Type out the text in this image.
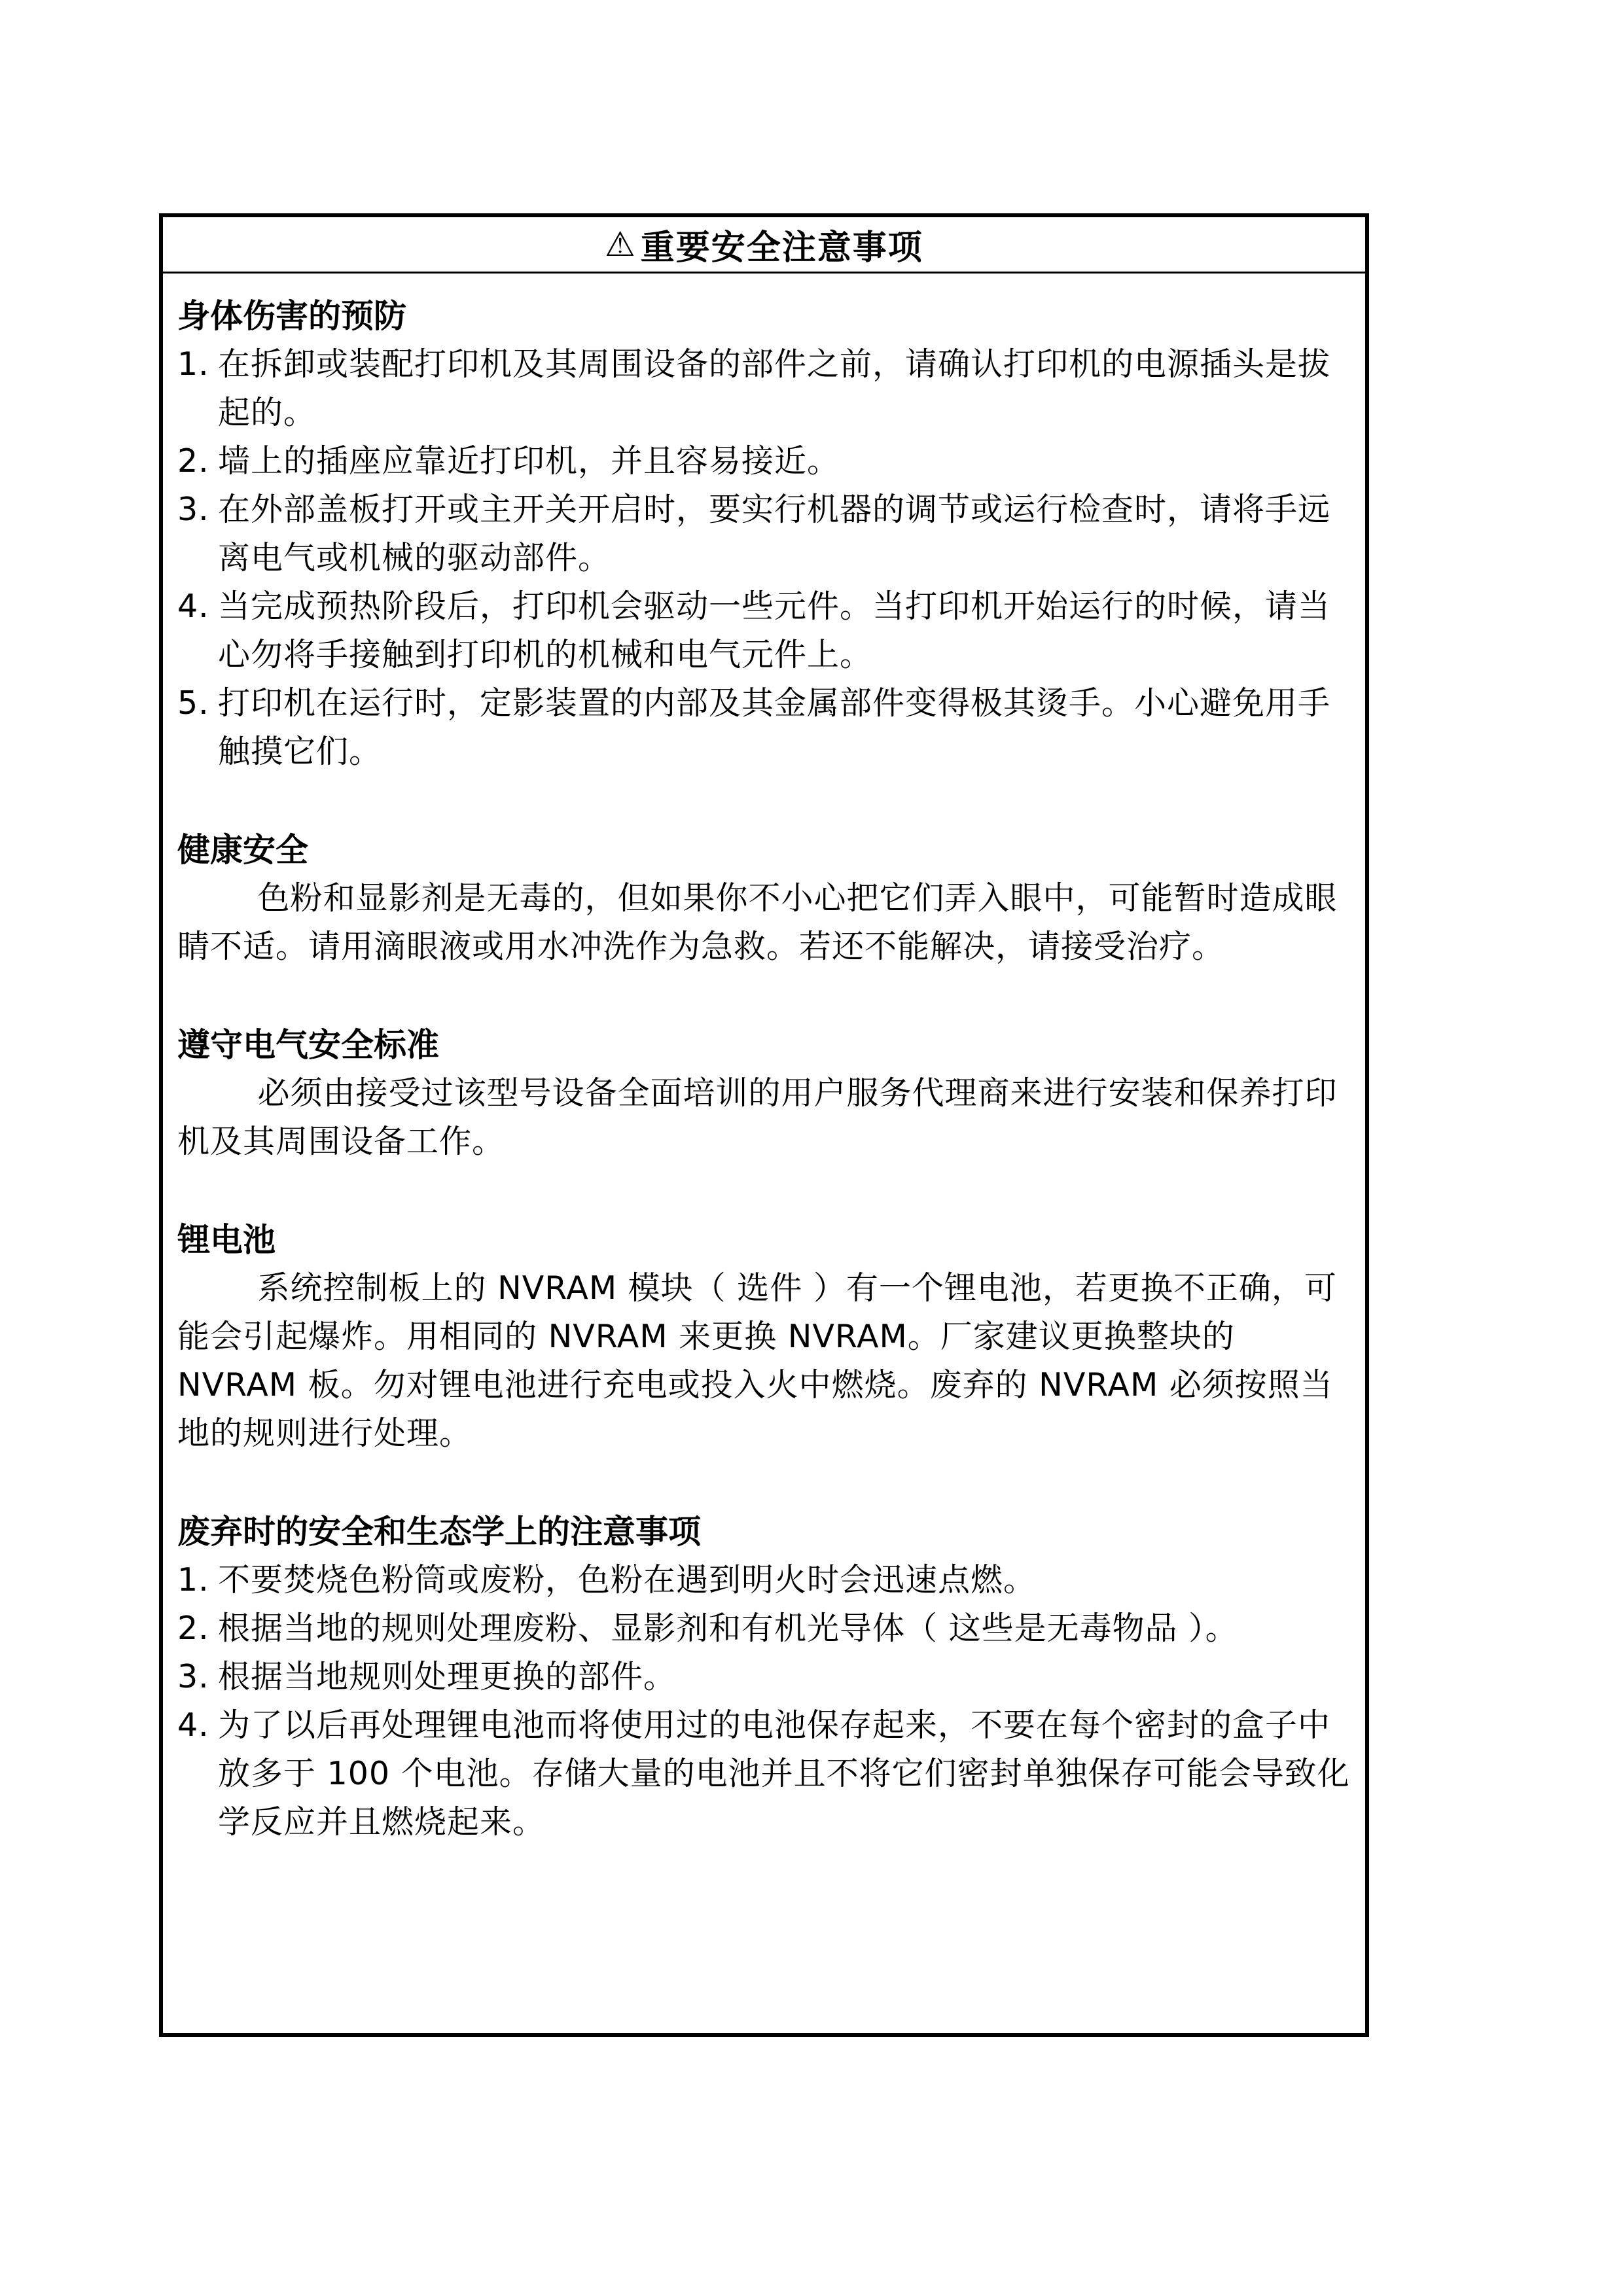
⚠ 重要安全注意事项
身体伤害的预防
1. 在拆卸或装配打印机及其周围设备的部件之前，请确认打印机的电源插头是拔起的。
2. 墙上的插座应靠近打印机，并且容易接近。
3. 在外部盖板打开或主开关开启时，要实行机器的调节或运行检查时，请将手远离电气或机械的驱动部件。
4. 当完成预热阶段后，打印机会驱动一些元件。当打印机开始运行的时候，请当心勿将手接触到打印机的机械和电气元件上。
5. 打印机在运行时，定影装置的内部及其金属部件变得极其烫手。小心避免用手触摸它们。
健康安全

色粉和显影剂是无毒的，但如果你不小心把它们弄入眼中，可能暂时造成眼睛不适。请用滴眼液或用水冲洗作为急救。若还不能解决，请接受治疗。

遵守电气安全标准

必须由接受过该型号设备全面培训的用户服务代理商来进行安装和保养打印机及其周围设备工作。

锂电池

系统控制板上的 NVRAM 模块（ 选件 ）有一个锂电池，若更换不正确，可能会引起爆炸。用相同的 NVRAM 来更换 NVRAM。厂家建议更换整块的 NVRAM 板。勿对锂电池进行充电或投入火中燃烧。废弃的 NVRAM 必须按照当地的规则进行处理。

废弃时的安全和生态学上的注意事项
1. 不要焚烧色粉筒或废粉，色粉在遇到明火时会迅速点燃。
2. 根据当地的规则处理废粉、显影剂和有机光导体（ 这些是无毒物品 ）。
3. 根据当地规则处理更换的部件。
4. 为了以后再处理锂电池而将使用过的电池保存起来，不要在每个密封的盒子中放多于 100 个电池。存储大量的电池并且不将它们密封单独保存可能会导致化学反应并且燃烧起来。
